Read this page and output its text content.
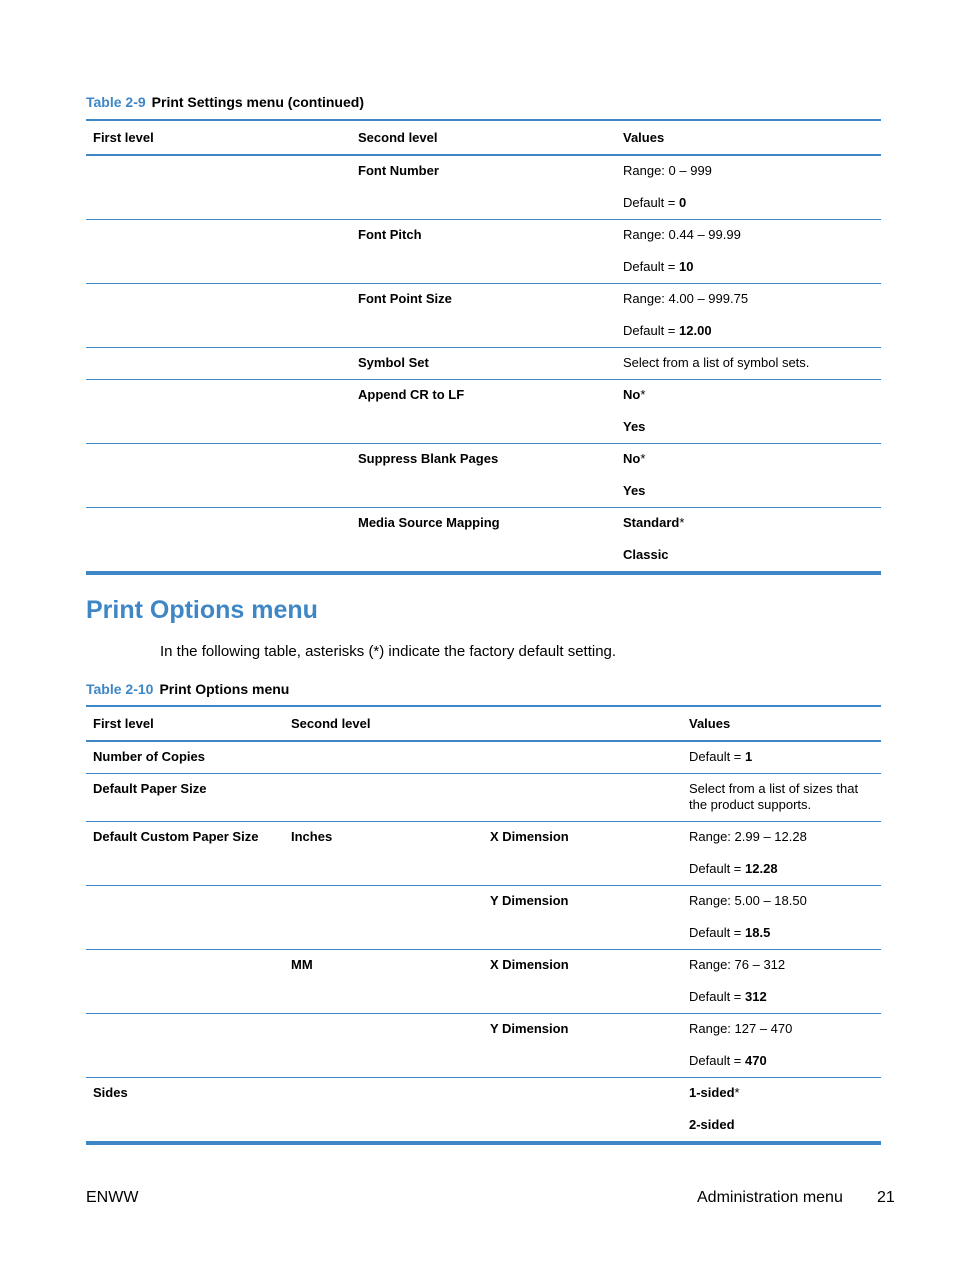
Table 2-9 Print Settings menu (continued)
First level	Second level	Values
	Font Number	Range: 0 – 999
Default = 0

	Font Pitch	Range: 0.44 – 99.99
Default = 10

	Font Point Size	Range: 4.00 – 999.75
Default = 12.00

	Symbol Set	Select from a list of symbol sets.

	Append CR to LF	No*
Yes

	Suppress Blank Pages	No*
Yes

	Media Source Mapping	Standard*
Classic
Print Options menu

In the following table, asterisks (*) indicate the factory default setting.

Table 2-10 Print Options menu
First level	Second level		Values
Number of Copies			Default = 1

Default Paper Size			Select from a list of sizes that the product supports.

Default Custom Paper Size	Inches	X Dimension	Range: 2.99 – 12.28
Default = 12.28

		Y Dimension	Range: 5.00 – 18.50
Default = 18.5

	MM	X Dimension	Range: 76 – 312
Default = 312

		Y Dimension	Range: 127 – 470
Default = 470

Sides			1-sided*
2-sided
ENWW	Administration menu 21
